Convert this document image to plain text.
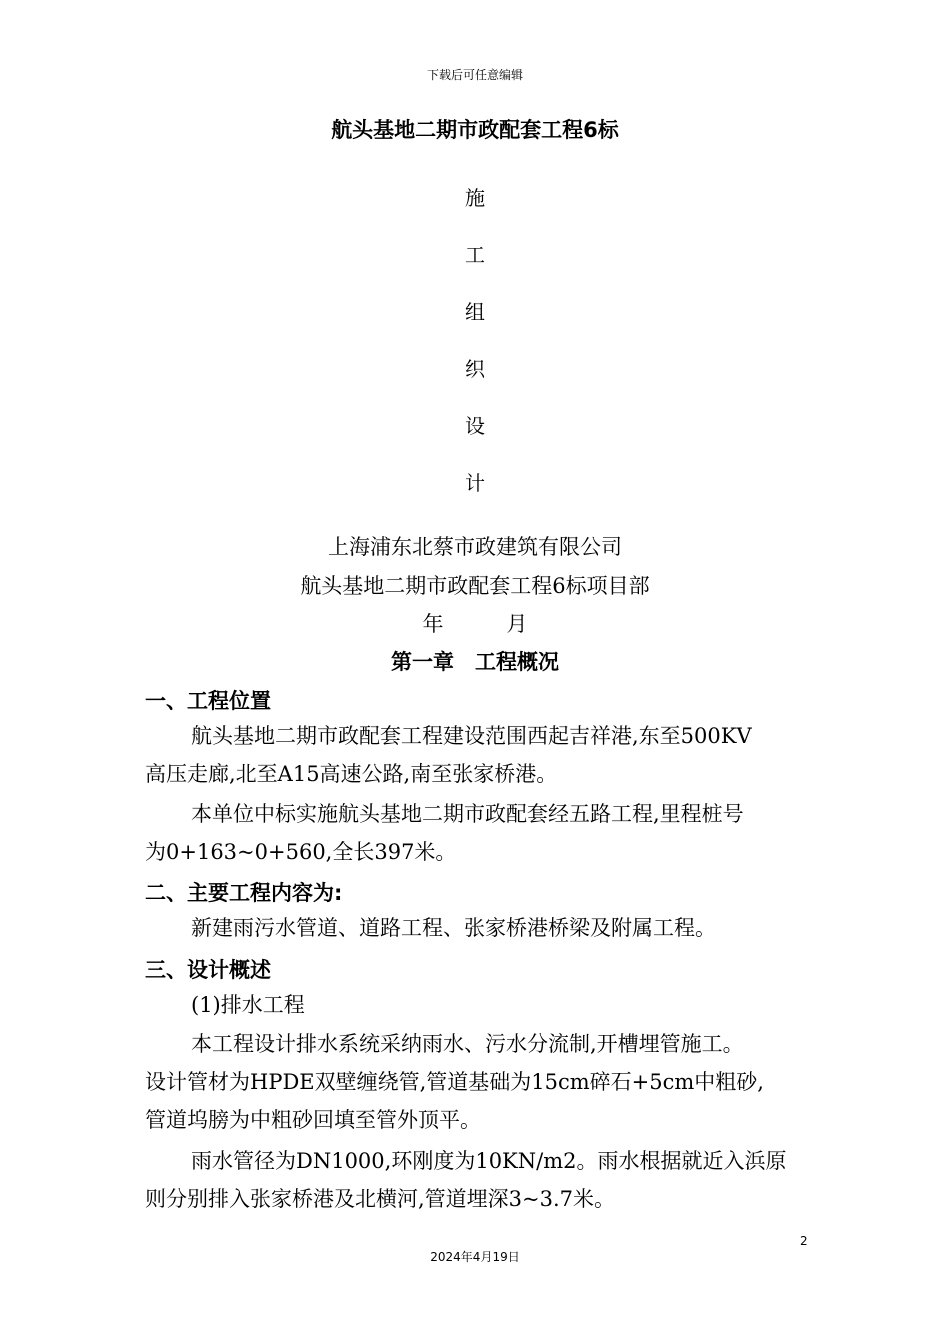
下载后可任意编辑
航头基地二期市政配套工程6标
施
工
组
织
设
计
上海浦东北蔡市政建筑有限公司
航头基地二期市政配套工程6标项目部
年　　　月
第一章　工程概况
一、工程位置
航头基地二期市政配套工程建设范围西起吉祥港,东至500KV
高压走廊,北至A15高速公路,南至张家桥港。
本单位中标实施航头基地二期市政配套经五路工程,里程桩号
为0+163~0+560,全长397米。
二、主要工程内容为:
新建雨污水管道、道路工程、张家桥港桥梁及附属工程。
三、设计概述
(1)排水工程
本工程设计排水系统采纳雨水、污水分流制,开槽埋管施工。
设计管材为HPDE双壁缠绕管,管道基础为15cm碎石+5cm中粗砂,
管道坞膀为中粗砂回填至管外顶平。
雨水管径为DN1000,环刚度为10KN/m2。雨水根据就近入浜原
则分别排入张家桥港及北横河,管道埋深3~3.7米。
2
2024年4月19日
